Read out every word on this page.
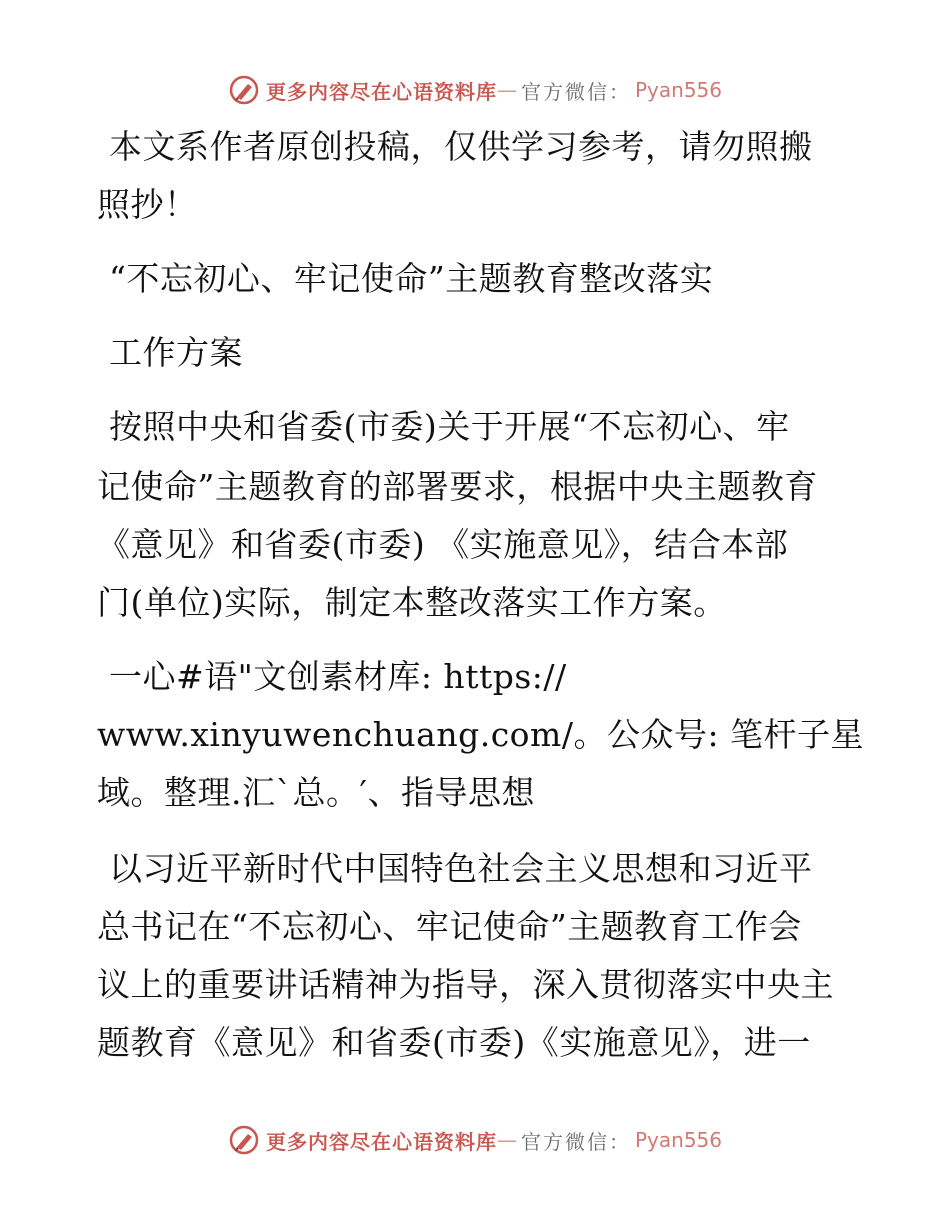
更多内容尽在心语资料库 — 官方微信： Pyan556
本文系作者原创投稿，仅供学习参考，请勿照搬
照抄！
“不忘初心、牢记使命”主题教育整改落实
工作方案
按照中央和省委(市委)关于开展“不忘初心、牢
记使命”主题教育的部署要求，根据中央主题教育
《意见》和省委(市委) 《实施意见》，结合本部
门(单位)实际，制定本整改落实工作方案。
一心#语"文创素材库: https://
www.xinyuwenchuang.com/。公众号: 笔杆子星
域。整理.汇`总。′、指导思想
以习近平新时代中国特色社会主义思想和习近平
总书记在“不忘初心、牢记使命”主题教育工作会
议上的重要讲话精神为指导，深入贯彻落实中央主
题教育《意见》和省委(市委)《实施意见》，进一
更多内容尽在心语资料库 — 官方微信： Pyan556
